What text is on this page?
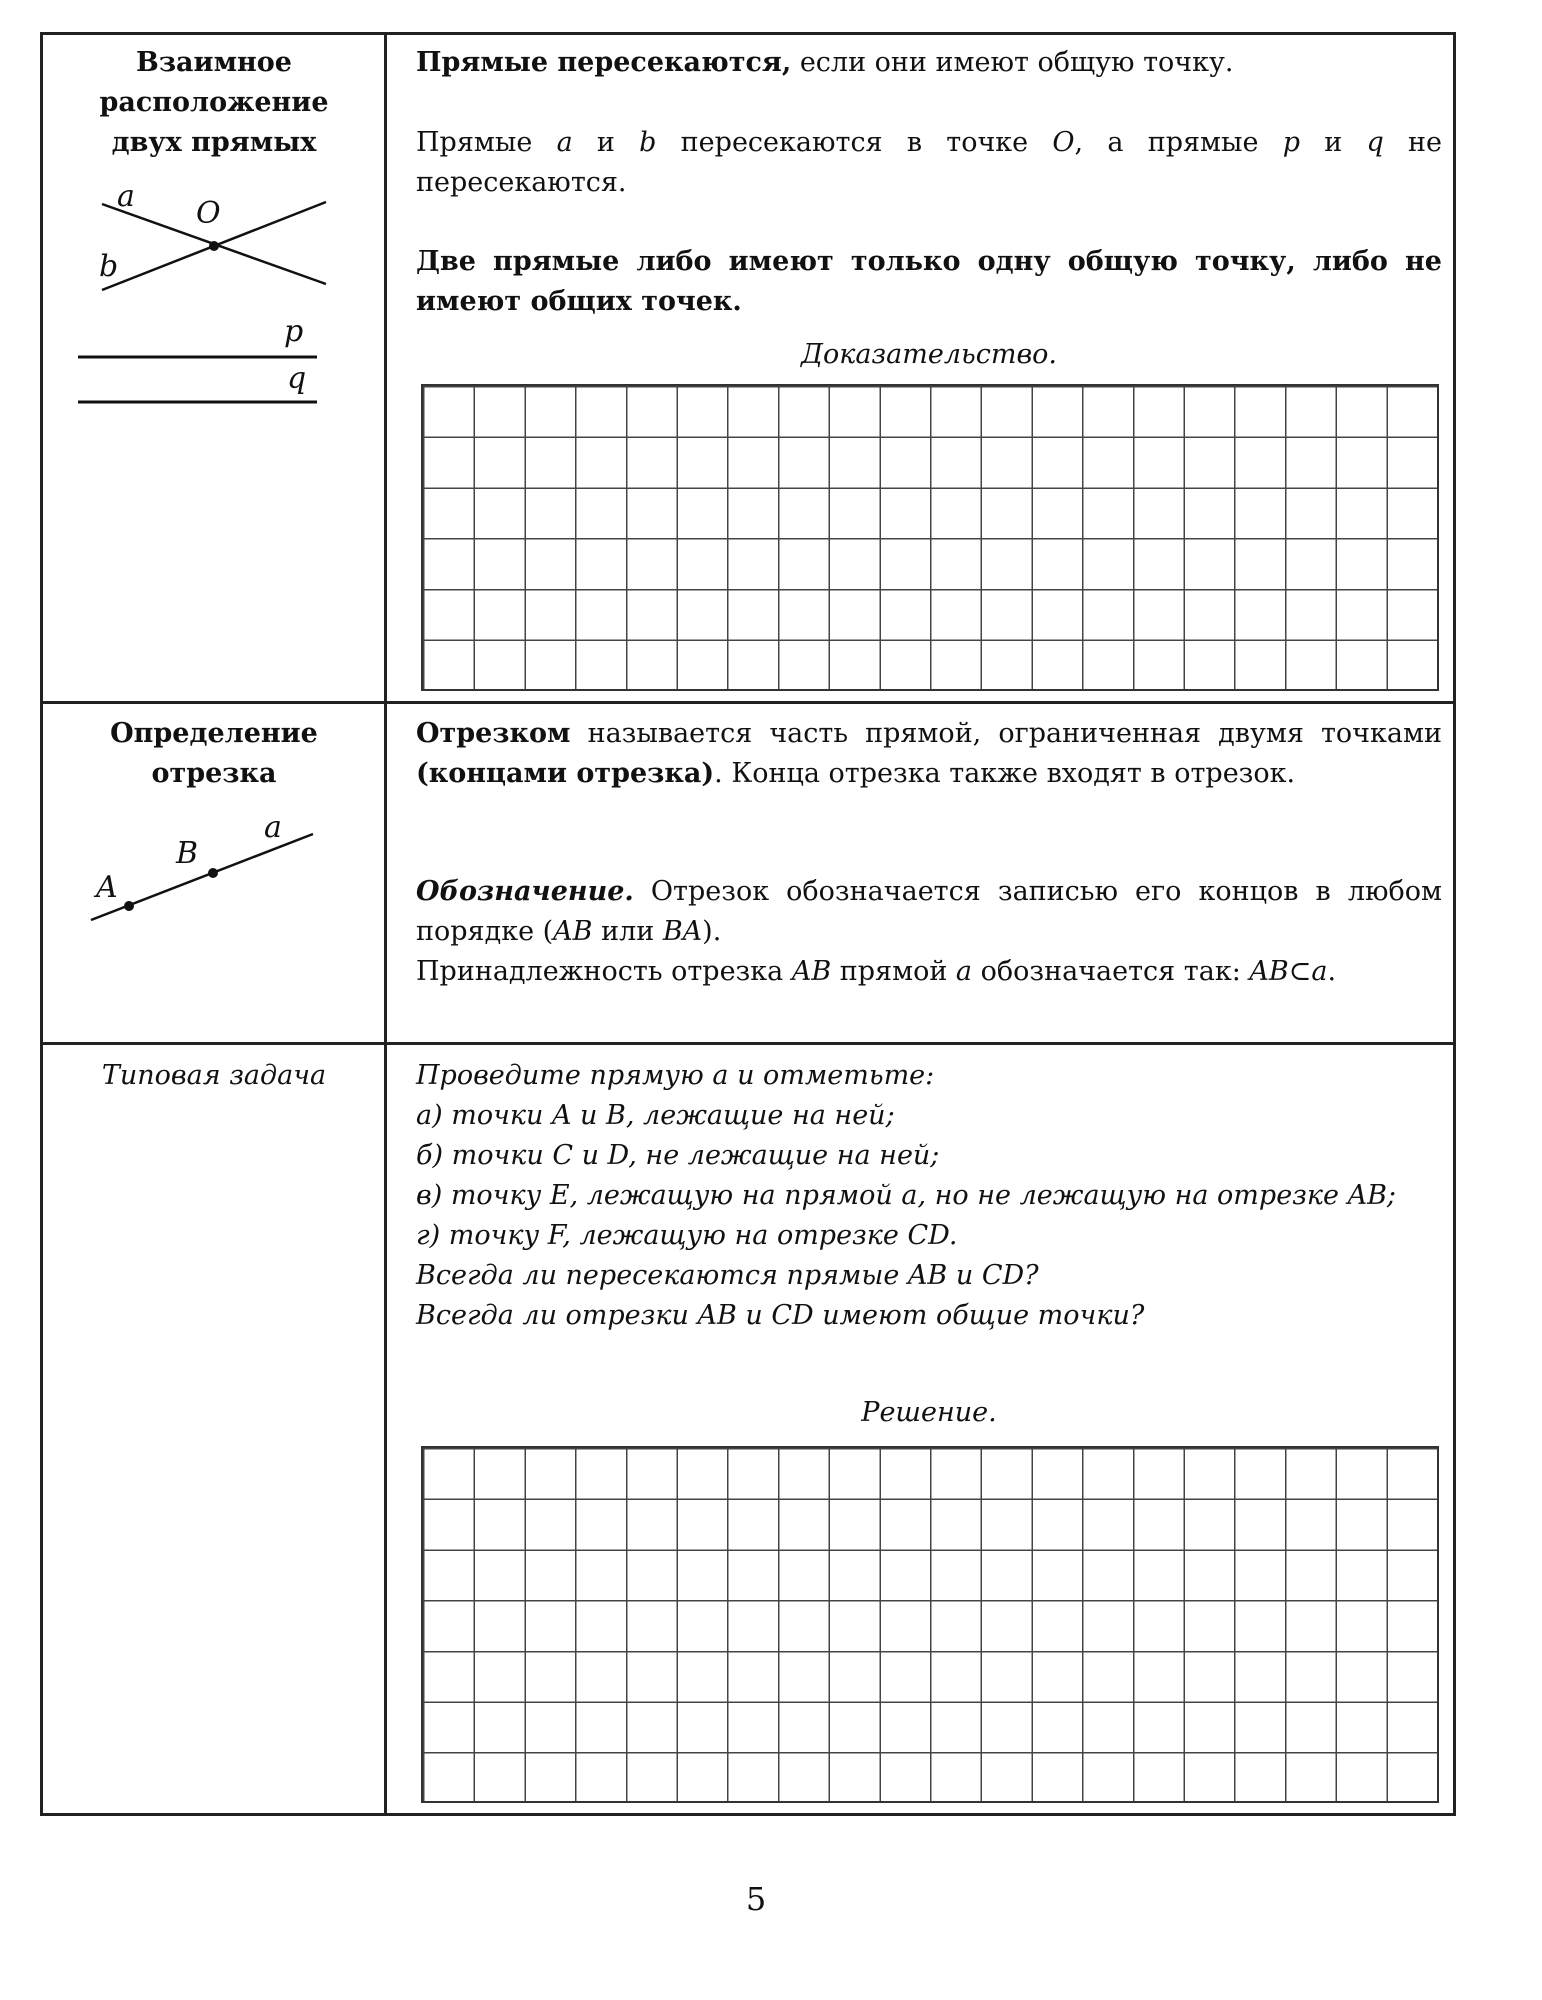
Взаимное
расположение
двух прямых
a O
b
p
q
A
B
a
Прямые пересекаются, если они имеют общую точку.
Прямые a и b пересекаются в точке O, а прямые p и q не пересекаются.
Две прямые либо имеют только одну общую точку, либо не имеют общих точек.
Доказательство.
Определение
отрезка
Отрезком называется часть прямой, ограниченная двумя точками (концами отрезка). Конца отрезка также входят в отрезок.
Обозначение. Отрезок обозначается записью его концов в любом порядке (AB или BA).
Принадлежность отрезка AB прямой a обозначается так: AB⊂a.
Типовая задача	Проведите прямую а и отметьте:
а) точки A и B, лежащие на ней;
б) точки C и D, не лежащие на ней;
в) точку E, лежащую на прямой a, но не лежащую на отрезке AB;
г) точку F, лежащую на отрезке CD.
Всегда ли пересекаются прямые AB и CD?
Всегда ли отрезки AB и CD имеют общие точки?
Решение.
5
